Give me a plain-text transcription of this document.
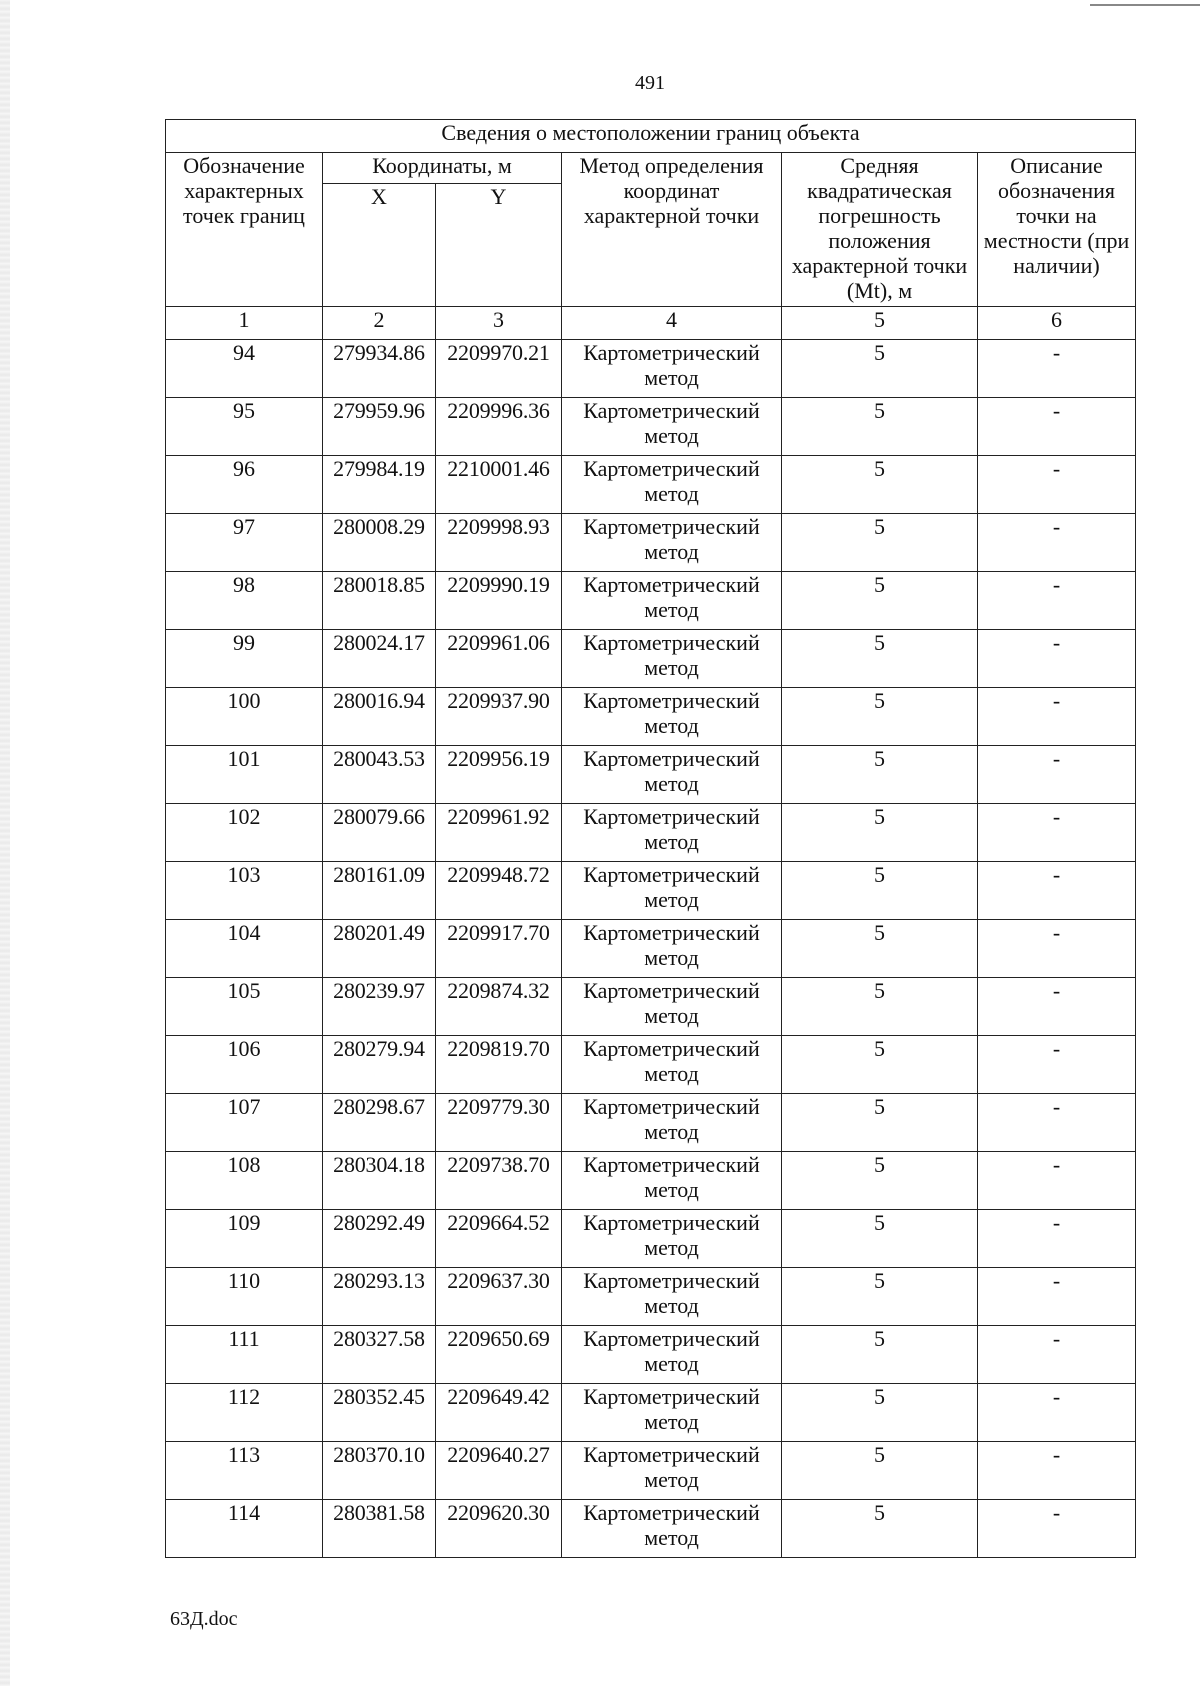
491
Сведения о местоположении границ объекта					
Обозначение характерных точек границ	Координаты, м		Метод определения координат характерной точки	Средняя квадратическая погрешность положения характерной точки (Mt), м	Описание обозначения точки на местности (при наличии)
	X	Y			
1	2	3	4	5	6
94	279934.86	2209970.21	Картометрический метод	5	-
95	279959.96	2209996.36	Картометрический метод	5	-
96	279984.19	2210001.46	Картометрический метод	5	-
97	280008.29	2209998.93	Картометрический метод	5	-
98	280018.85	2209990.19	Картометрический метод	5	-
99	280024.17	2209961.06	Картометрический метод	5	-
100	280016.94	2209937.90	Картометрический метод	5	-
101	280043.53	2209956.19	Картометрический метод	5	-
102	280079.66	2209961.92	Картометрический метод	5	-
103	280161.09	2209948.72	Картометрический метод	5	-
104	280201.49	2209917.70	Картометрический метод	5	-
105	280239.97	2209874.32	Картометрический метод	5	-
106	280279.94	2209819.70	Картометрический метод	5	-
107	280298.67	2209779.30	Картометрический метод	5	-
108	280304.18	2209738.70	Картометрический метод	5	-
109	280292.49	2209664.52	Картометрический метод	5	-
110	280293.13	2209637.30	Картометрический метод	5	-
111	280327.58	2209650.69	Картометрический метод	5	-
112	280352.45	2209649.42	Картометрический метод	5	-
113	280370.10	2209640.27	Картометрический метод	5	-
114	280381.58	2209620.30	Картометрический метод	5	-
63Д.doc
